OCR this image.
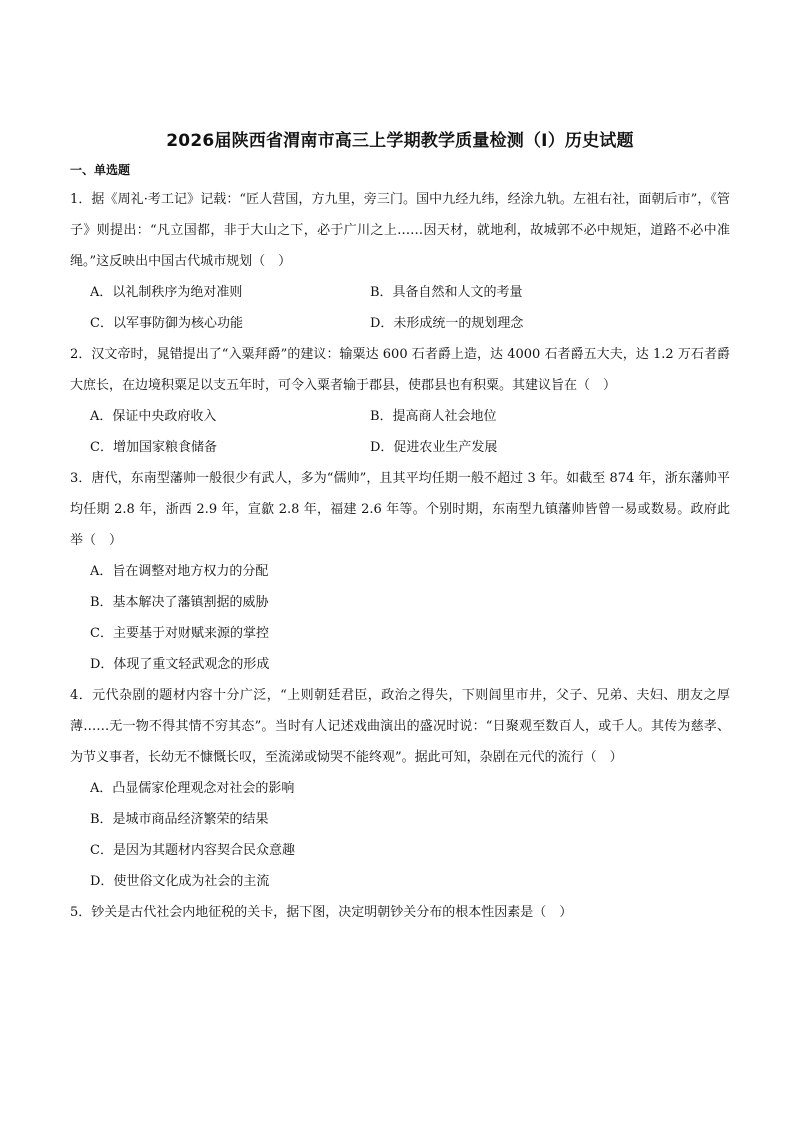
2026届陕西省渭南市高三上学期教学质量检测（Ⅰ）历史试题
一、单选题

1．据《周礼·考工记》记载：“匠人营国，方九里，旁三门。国中九经九纬，经涂九轨。左祖右社，面朝后市”，《管子》则提出：“凡立国都，非于大山之下，必于广川之上……因天材，就地利，故城郭不必中规矩，道路不必中准绳。”这反映出中国古代城市规划（　）

A．以礼制秩序为绝对准则	B．具备自然和人文的考量
C．以军事防御为核心功能	D．未形成统一的规划理念

2．汉文帝时，晁错提出了“入粟拜爵”的建议：输粟达 600 石者爵上造，达 4000 石者爵五大夫，达 1.2 万石者爵大庶长，在边境积粟足以支五年时，可令入粟者输于郡县，使郡县也有积粟。其建议旨在（　）

A．保证中央政府收入	B．提高商人社会地位
C．增加国家粮食储备	D．促进农业生产发展

3．唐代，东南型藩帅一般很少有武人，多为“儒帅”，且其平均任期一般不超过 3 年。如截至 874 年，浙东藩帅平均任期 2.8 年，浙西 2.9 年，宣歙 2.8 年，福建 2.6 年等。个别时期，东南型九镇藩帅皆曾一易或数易。政府此举（　）

A．旨在调整对地方权力的分配
B．基本解决了藩镇割据的威胁
C．主要基于对财赋来源的掌控
D．体现了重文轻武观念的形成

4．元代杂剧的题材内容十分广泛，“上则朝廷君臣，政治之得失，下则闾里市井，父子、兄弟、夫妇、朋友之厚薄……无一物不得其情不穷其态”。当时有人记述戏曲演出的盛况时说：“日聚观至数百人，或千人。其传为慈孝、为节义事者，长幼无不慷慨长叹，至流涕或恸哭不能终观”。据此可知，杂剧在元代的流行（　）

A．凸显儒家伦理观念对社会的影响
B．是城市商品经济繁荣的结果
C．是因为其题材内容契合民众意趣
D．使世俗文化成为社会的主流

5．钞关是古代社会内地征税的关卡，据下图，决定明朝钞关分布的根本性因素是（　）
